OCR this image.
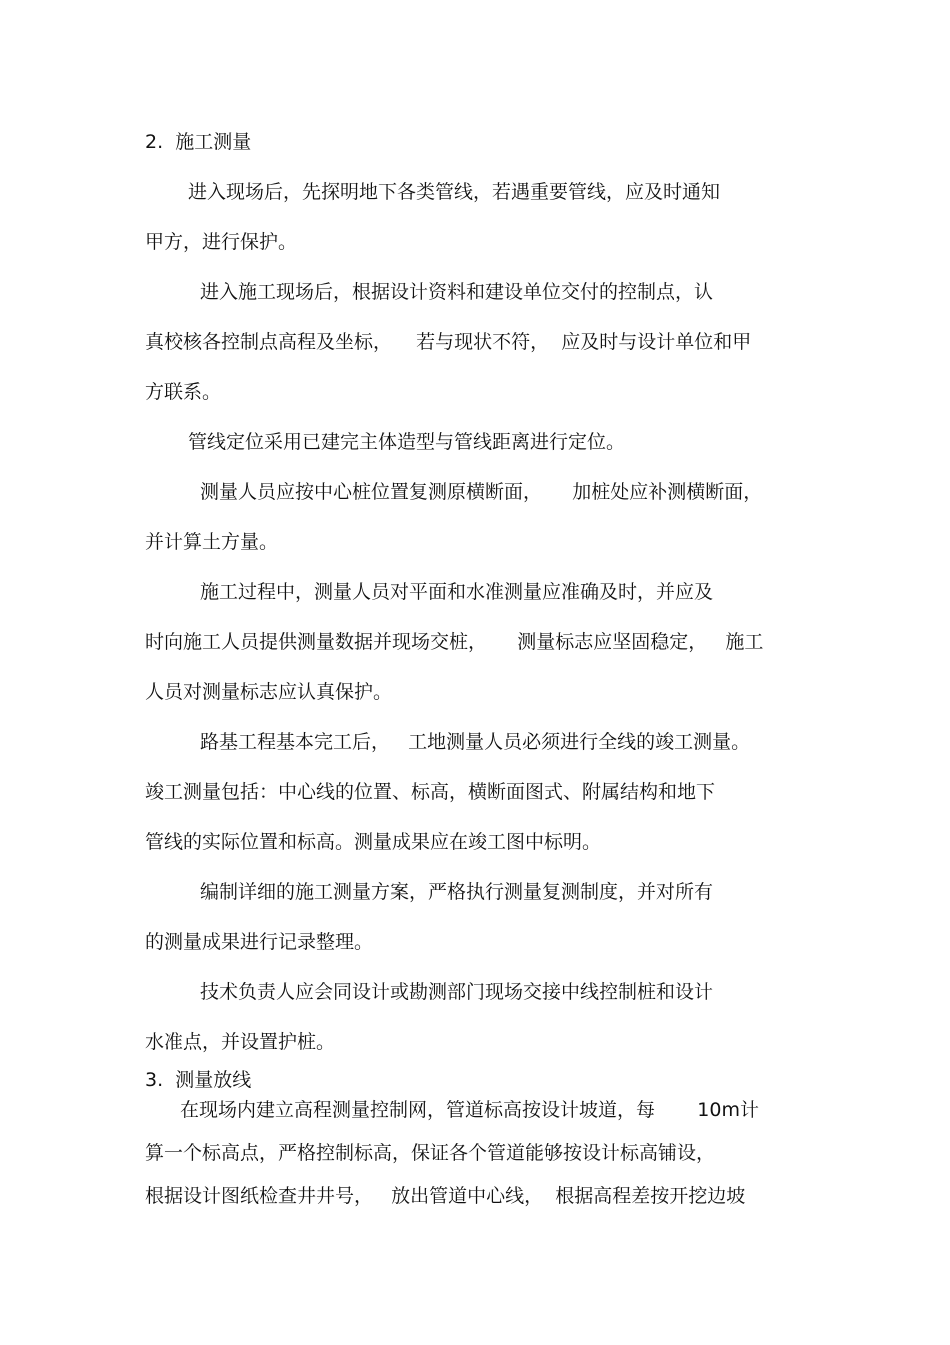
2.  施工测量

进入现场后，先探明地下各类管线，若遇重要管线，应及时通知

甲方，进行保护。

进入施工现场后，根据设计资料和建设单位交付的控制点，认

真校核各控制点高程及坐标，    若与现状不符，  应及时与设计单位和甲

方联系。

管线定位采用已建完主体造型与管线距离进行定位。

测量人员应按中心桩位置复测原横断面，     加桩处应补测横断面，

并计算土方量。

施工过程中，测量人员对平面和水准测量应准确及时，并应及

时向施工人员提供测量数据并现场交桩，     测量标志应坚固稳定，   施工

人员对测量标志应认真保护。

路基工程基本完工后，   工地测量人员必须进行全线的竣工测量。

竣工测量包括：中心线的位置、标高，横断面图式、附属结构和地下

管线的实际位置和标高。测量成果应在竣工图中标明。

编制详细的施工测量方案，严格执行测量复测制度，并对所有

的测量成果进行记录整理。

技术负责人应会同设计或勘测部门现场交接中线控制桩和设计

水准点，并设置护桩。

3.  测量放线

在现场内建立高程测量控制网，管道标高按设计坡道，每       10m计

算一个标高点，严格控制标高，保证各个管道能够按设计标高铺设，

根据设计图纸检查井井号，   放出管道中心线，  根据高程差按开挖边坡
